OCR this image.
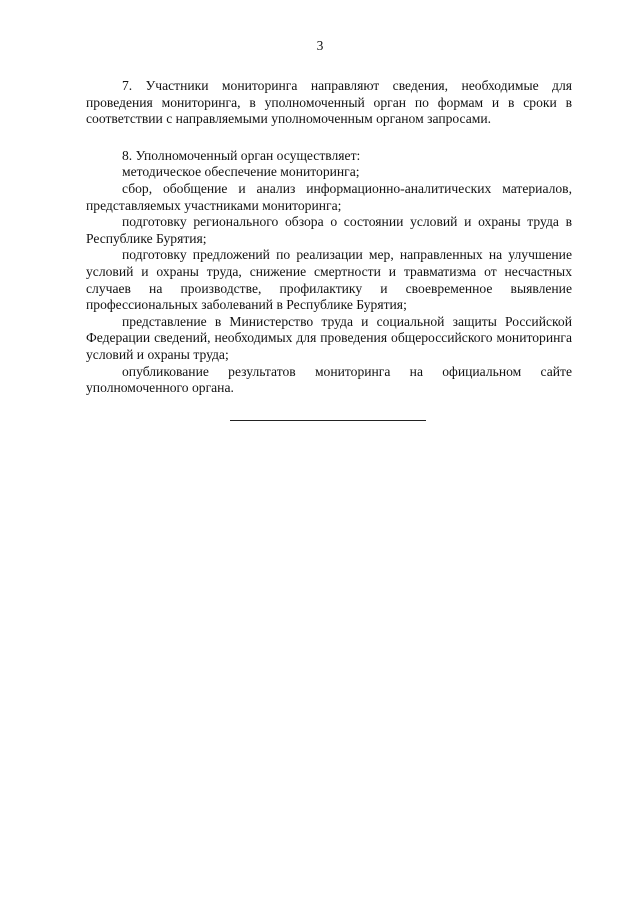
3

7. Участники мониторинга направляют сведения, необходимые для проведения мониторинга, в уполномоченный орган по формам и в сроки в соответствии с направляемыми уполномоченным органом запросами.

8. Уполномоченный орган осуществляет:

методическое обеспечение мониторинга;

сбор, обобщение и анализ информационно-аналитических материалов, представляемых участниками мониторинга;

подготовку регионального обзора о состоянии условий и охраны труда в Республике Бурятия;

подготовку предложений по реализации мер, направленных на улучшение условий и охраны труда, снижение смертности и травматизма от несчастных случаев на производстве, профилактику и своевременное выявление профессиональных заболеваний в Республике Бурятия;

представление в Министерство труда и социальной защиты Российской Федерации сведений, необходимых для проведения общероссийского мониторинга условий и охраны труда;

опубликование результатов мониторинга на официальном сайте уполномоченного органа.
